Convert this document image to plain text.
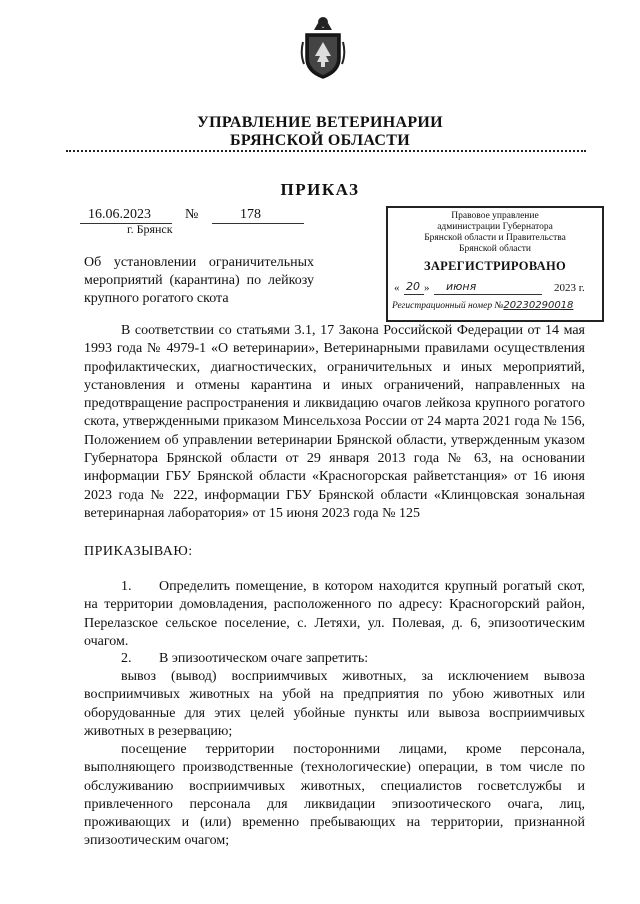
УПРАВЛЕНИЕ ВЕТЕРИНАРИИ
БРЯНСКОЙ ОБЛАСТИ
ПРИКАЗ
16.06.2023 №	178
г. Брянск
Об установлении ограничительных мероприятий (карантина) по лейкозу крупного рогатого скота
Правовое управление
администрации Губернатора
Брянской области и Правительства
Брянской области
ЗАРЕГИСТРИРОВАНО
« 20 » июня	2023 г.
Регистрационный номер №20230290018
В соответствии со статьями 3.1, 17 Закона Российской Федерации от 14 мая 1993 года № 4979-1 «О ветеринарии», Ветеринарными правилами осуществления профилактических, диагностических, ограничительных и иных мероприятий, установления и отмены карантина и иных ограничений, направленных на предотвращение распространения и ликвидацию очагов лейкоза крупного рогатого скота, утвержденными приказом Минсельхоза России от 24 марта 2021 года № 156, Положением об управлении ветеринарии Брянской области, утвержденным указом Губернатора Брянской области от 29 января 2013 года № 63, на основании информации ГБУ Брянской области «Красногорская райветстанция» от 16 июня 2023 года № 222, информации ГБУ Брянской области «Клинцовская зональная ветеринарная лаборатория» от 15 июня 2023 года № 125
ПРИКАЗЫВАЮ:
1. Определить помещение, в котором находится крупный рогатый скот, на территории домовладения, расположенного по адресу: Красногорский район, Перелазское сельское поселение, с. Летяхи, ул. Полевая, д. 6, эпизоотическим очагом.
2. В эпизоотическом очаге запретить:
вывоз (вывод) восприимчивых животных, за исключением вывоза восприимчивых животных на убой на предприятия по убою животных или оборудованные для этих целей убойные пункты или вывоза восприимчивых животных в резервацию;
посещение территории посторонними лицами, кроме персонала, выполняющего производственные (технологические) операции, в том числе по обслуживанию восприимчивых животных, специалистов госветслужбы и привлеченного персонала для ликвидации эпизоотического очага, лиц, проживающих и (или) временно пребывающих на территории, признанной эпизоотическим очагом;
